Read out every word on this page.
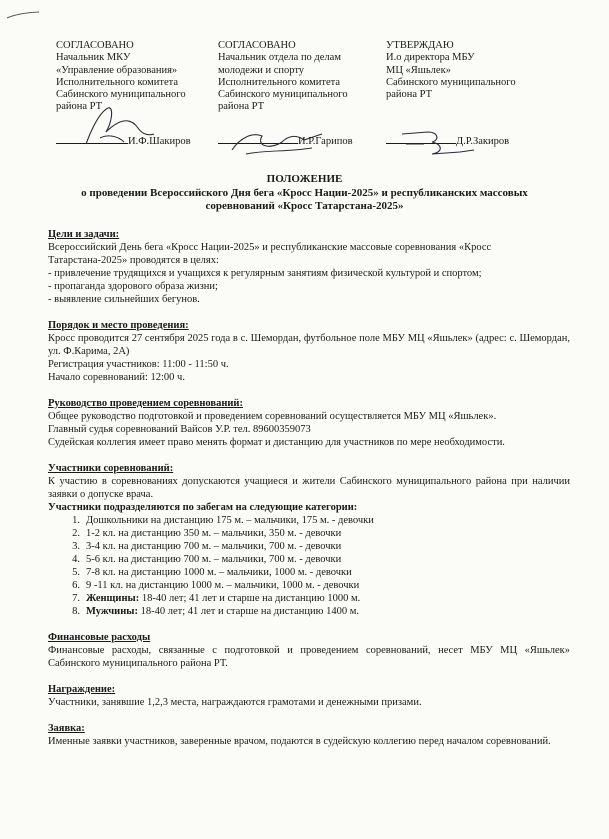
СОГЛАСОВАНО
Начальник МКУ
«Управление образования»
Исполнительного комитета
Сабинского муниципального
района РТ
СОГЛАСОВАНО
Начальник отдела по делам
молодежи и спорту
Исполнительного комитета
Сабинского муниципального
района РТ
УТВЕРЖДАЮ
И.о директора МБУ
МЦ «Яшьлек»
Сабинского муниципального
района РТ
И.Ф.Шакиров	И.Р.Гарипов	Д.Р.Закиров
ПОЛОЖЕНИЕ
о проведении Всероссийского Дня бега «Кросс Нации-2025» и республиканских массовых
соревнований «Кросс Татарстана-2025»
Цели и задачи:
Всероссийский День бега «Кросс Нации-2025» и республиканские массовые соревнования «Кросс Татарстана-2025» проводятся в целях:
- привлечение трудящихся и учащихся к регулярным занятиям физической культурой и спортом;
- пропаганда здорового образа жизни;
- выявление сильнейших бегунов.
Порядок и место проведения:
Кросс проводится 27 сентября 2025 года в с. Шемордан, футбольное поле МБУ МЦ «Яшьлек» (адрес: с. Шемордан, ул. Ф.Карима, 2А)
Регистрация участников: 11:00 - 11:50 ч.
Начало соревнований: 12:00 ч.
Руководство проведением соревнований:
Общее руководство подготовкой и проведением соревнований осуществляется МБУ МЦ «Яшьлек».
Главный судья соревнований Вайсов У.Р. тел. 89600359073
Судейская коллегия имеет право менять формат и дистанцию для участников по мере необходимости.
Участники соревнований:
К участию в соревнованиях допускаются учащиеся и жители Сабинского муниципального района при наличии заявки о допуске врача.
Участники подразделяются по забегам на следующие категории:
1. Дошкольники на дистанцию 175 м. – мальчики, 175 м. - девочки
2. 1-2 кл. на дистанцию 350 м. – мальчики, 350 м. - девочки
3. 3-4 кл. на дистанцию 700 м. – мальчики, 700 м. - девочки
4. 5-6 кл. на дистанцию 700 м. – мальчики, 700 м. - девочки
5. 7-8 кл. на дистанцию 1000 м. – мальчики, 1000 м. - девочки
6. 9 -11 кл. на дистанцию 1000 м. – мальчики, 1000 м. - девочки
7. Женщины: 18-40 лет; 41 лет и старше на дистанцию 1000 м.
8. Мужчины: 18-40 лет; 41 лет и старше на дистанцию 1400 м.
Финансовые расходы
Финансовые расходы, связанные с подготовкой и проведением соревнований, несет МБУ МЦ «Яшьлек» Сабинского муниципального района РТ.
Награждение:
Участники, занявшие 1,2,3 места, награждаются грамотами и денежными призами.
Заявка:
Именные заявки участников, заверенные врачом, подаются в судейскую коллегию перед началом соревнований.
